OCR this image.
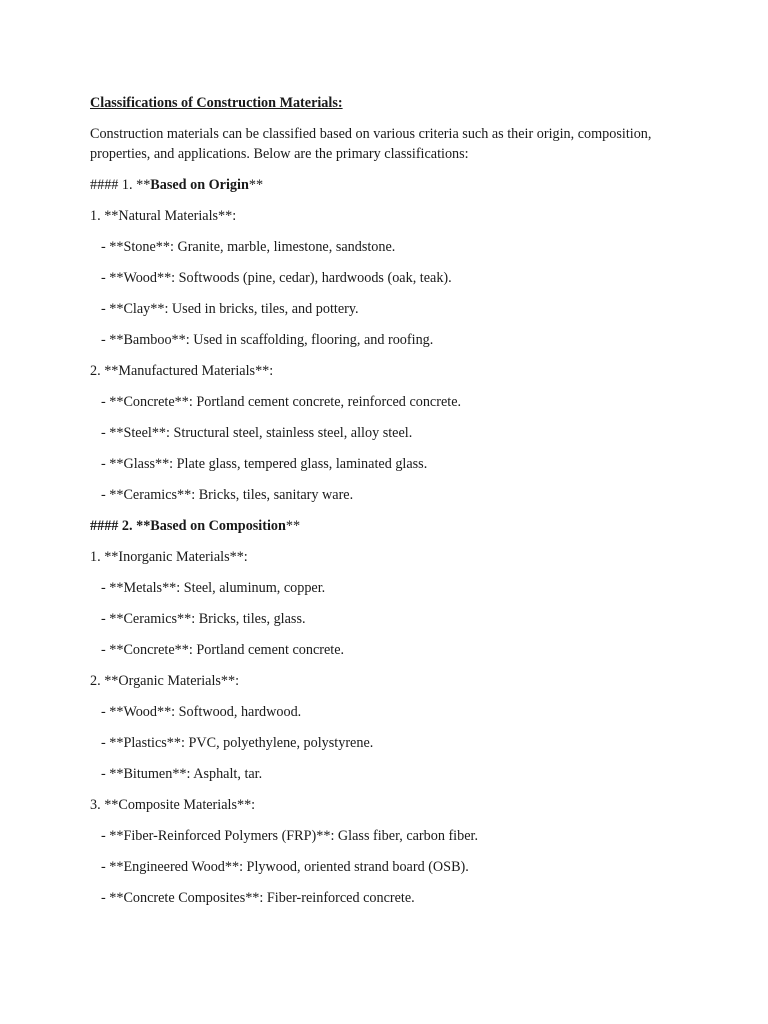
Classifications of Construction Materials:
Construction materials can be classified based on various criteria such as their origin, composition, properties, and applications. Below are the primary classifications:
#### 1. **Based on Origin**
1. **Natural Materials**:
- **Stone**: Granite, marble, limestone, sandstone.
- **Wood**: Softwoods (pine, cedar), hardwoods (oak, teak).
- **Clay**: Used in bricks, tiles, and pottery.
- **Bamboo**: Used in scaffolding, flooring, and roofing.
2. **Manufactured Materials**:
- **Concrete**: Portland cement concrete, reinforced concrete.
- **Steel**: Structural steel, stainless steel, alloy steel.
- **Glass**: Plate glass, tempered glass, laminated glass.
- **Ceramics**: Bricks, tiles, sanitary ware.
#### 2. **Based on Composition**
1. **Inorganic Materials**:
- **Metals**: Steel, aluminum, copper.
- **Ceramics**: Bricks, tiles, glass.
- **Concrete**: Portland cement concrete.
2. **Organic Materials**:
- **Wood**: Softwood, hardwood.
- **Plastics**: PVC, polyethylene, polystyrene.
- **Bitumen**: Asphalt, tar.
3. **Composite Materials**:
- **Fiber-Reinforced Polymers (FRP)**: Glass fiber, carbon fiber.
- **Engineered Wood**: Plywood, oriented strand board (OSB).
- **Concrete Composites**: Fiber-reinforced concrete.
